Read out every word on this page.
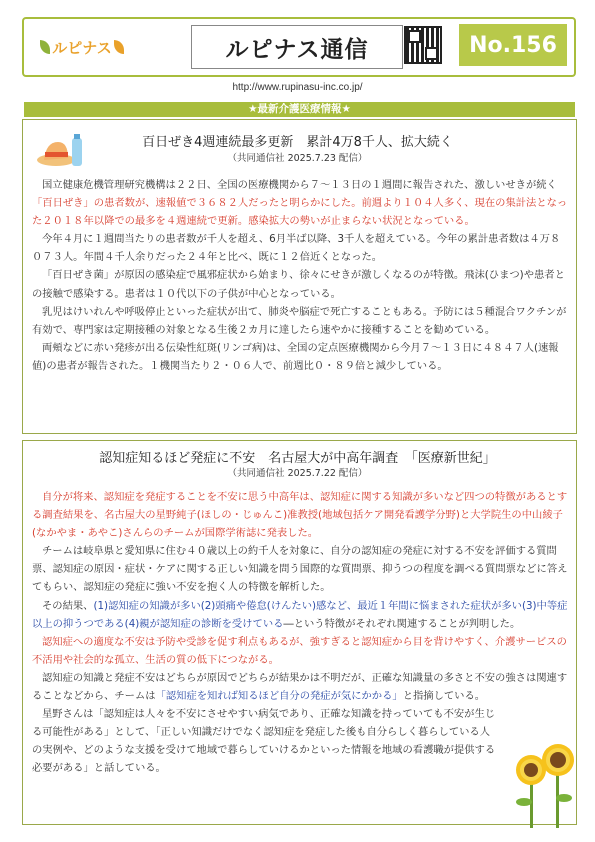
ルピナス	ルピナス通信	No.156
http://www.rupinasu-inc.co.jp/
★最新介護医療情報★
百日ぜき4週連続最多更新　累計4万8千人、拡大続く
（共同通信社 2025.7.23 配信）

国立健康危機管理研究機構は２２日、全国の医療機関から７～１３日の１週間に報告された、激しいせきが続く「百日ぜき」の患者数が、速報値で３６８２人だったと明らかにした。前週より１０４人多く、現在の集計法となった２０１８年以降での最多を４週連続で更新。感染拡大の勢いが止まらない状況となっている。

今年４月に１週間当たりの患者数が千人を超え、6月半ば以降、3千人を超えている。今年の累計患者数は４万８０７３人。年間４千人余りだった２４年と比べ、既に１２倍近くとなった。

「百日ぜき菌」が原因の感染症で風邪症状から始まり、徐々にせきが激しくなるのが特徴。飛沫(ひまつ)や患者との接触で感染する。患者は１０代以下の子供が中心となっている。

乳児はけいれんや呼吸停止といった症状が出て、肺炎や脳症で死亡することもある。予防には５種混合ワクチンが有効で、専門家は定期接種の対象となる生後２カ月に達したら速やかに接種することを勧めている。

両頬などに赤い発疹が出る伝染性紅斑(リンゴ病)は、全国の定点医療機関から今月７～１３日に４８４７人(速報値)の患者が報告された。１機関当たり２・０６人で、前週比０・８９倍と減少している。

認知症知るほど発症に不安　名古屋大が中高年調査　「医療新世紀」
（共同通信社 2025.7.22 配信）

自分が将来、認知症を発症することを不安に思う中高年は、認知症に関する知識が多いなど四つの特徴があるとする調査結果を、名古屋大の星野純子(ほしの・じゅんこ)准教授(地域包括ケア開発看護学分野)と大学院生の中山綾子(なかやま・あやこ)さんらのチームが国際学術誌に発表した。

チームは岐阜県と愛知県に住む４０歳以上の約千人を対象に、自分の認知症の発症に対する不安を評価する質問票、認知症の原因・症状・ケアに関する正しい知識を問う国際的な質問票、抑うつの程度を調べる質問票などに答えてもらい、認知症の発症に強い不安を抱く人の特徴を解析した。

その結果、(1)認知症の知識が多い(2)頭痛や倦怠(けんたい)感など、最近１年間に悩まされた症状が多い(3)中等症以上の抑うつである(4)親が認知症の診断を受けている―という特徴がそれぞれ関連することが判明した。

認知症への適度な不安は予防や受診を促す利点もあるが、強すぎると認知症から目を背けやすく、介護サービスの不活用や社会的な孤立、生活の質の低下につながる。

認知症の知識と発症不安はどちらが原因でどちらが結果かは不明だが、正確な知識量の多さと不安の強さは関連することなどから、チームは「認知症を知れば知るほど自分の発症が気にかかる」と指摘している。

星野さんは「認知症は人々を不安にさせやすい病気であり、正確な知識を持っていても不安が生じる可能性がある」として、「正しい知識だけでなく認知症を発症した後も自分らしく暮らしている人の実例や、どのような支援を受けて地域で暮らしていけるかといった情報を地域の看護職が提供する必要がある」と話している。
